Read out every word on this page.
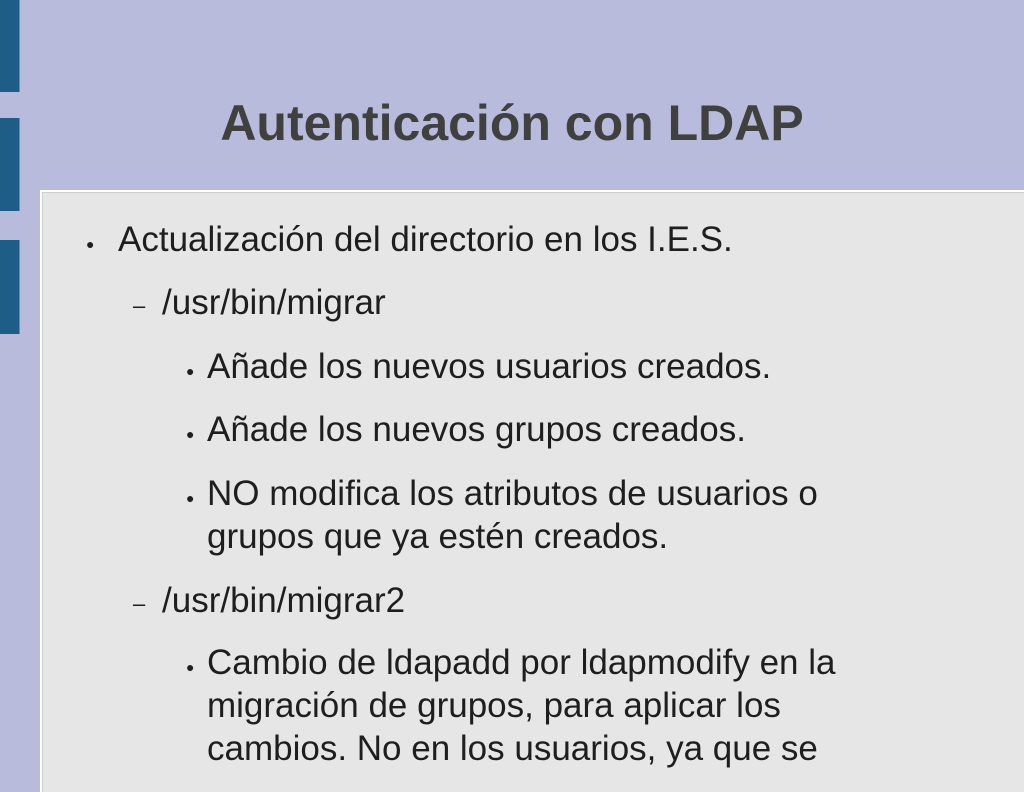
Autenticación con LDAP
● Actualización del directorio en los I.E.S.
– /usr/bin/migrar
● Añade los nuevos usuarios creados.
● Añade los nuevos grupos creados.
● NO modifica los atributos de usuarios o
grupos que ya estén creados.
– /usr/bin/migrar2
● Cambio de ldapadd por ldapmodify en la
migración de grupos, para aplicar los
cambios. No en los usuarios, ya que se
